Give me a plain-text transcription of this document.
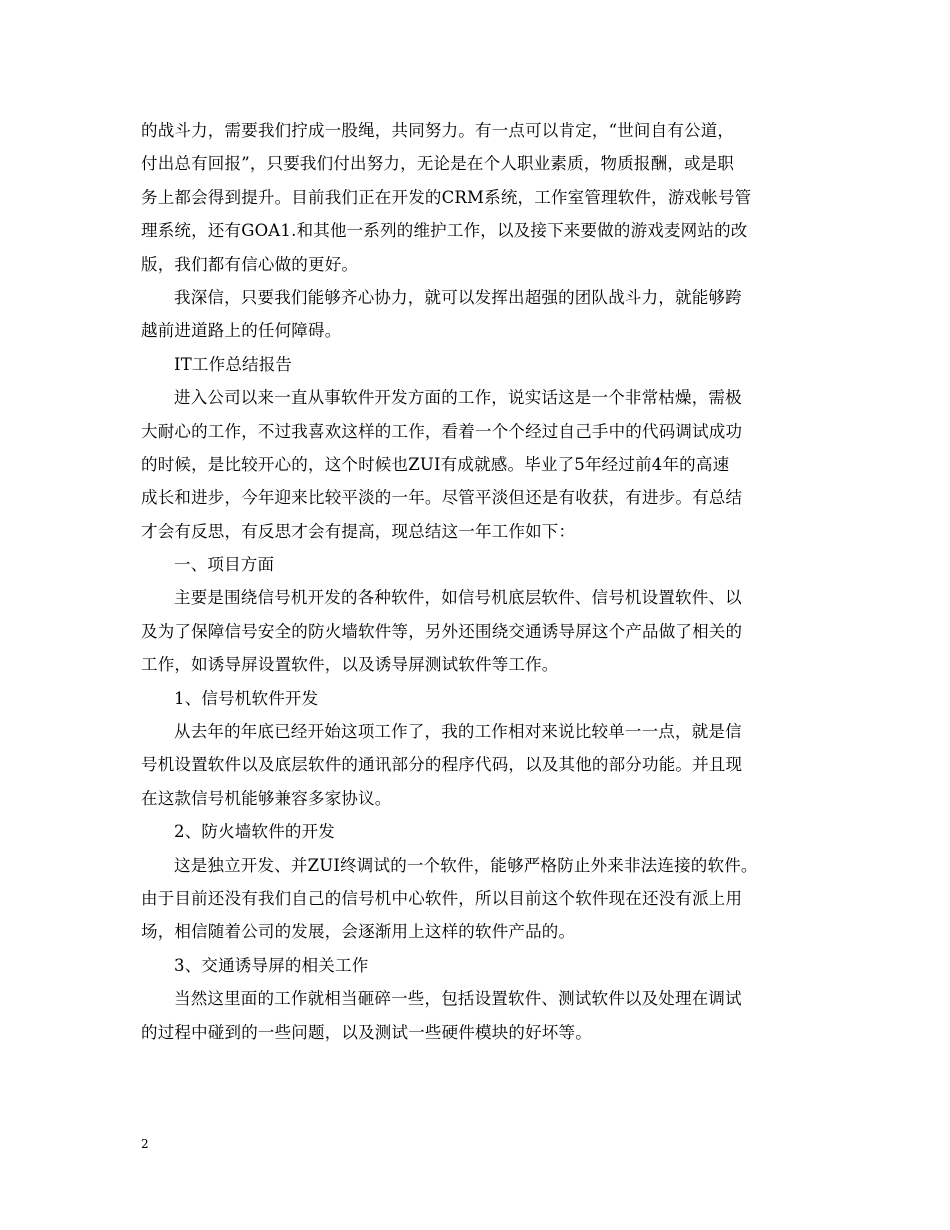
的战斗力，需要我们拧成一股绳，共同努力。有一点可以肯定，“世间自有公道，
付出总有回报”，只要我们付出努力，无论是在个人职业素质，物质报酬，或是职
务上都会得到提升。目前我们正在开发的CRM系统，工作室管理软件，游戏帐号管
理系统，还有GOA1.和其他一系列的维护工作，以及接下来要做的游戏麦网站的改
版，我们都有信心做的更好。
我深信，只要我们能够齐心协力，就可以发挥出超强的团队战斗力，就能够跨
越前进道路上的任何障碍。
IT工作总结报告
进入公司以来一直从事软件开发方面的工作，说实话这是一个非常枯燥，需极
大耐心的工作，不过我喜欢这样的工作，看着一个个经过自己手中的代码调试成功
的时候，是比较开心的，这个时候也ZUI有成就感。毕业了5年经过前4年的高速
成长和进步，今年迎来比较平淡的一年。尽管平淡但还是有收获，有进步。有总结
才会有反思，有反思才会有提高，现总结这一年工作如下：
一、项目方面
主要是围绕信号机开发的各种软件，如信号机底层软件、信号机设置软件、以
及为了保障信号安全的防火墙软件等，另外还围绕交通诱导屏这个产品做了相关的
工作，如诱导屏设置软件，以及诱导屏测试软件等工作。
1、信号机软件开发
从去年的年底已经开始这项工作了，我的工作相对来说比较单一一点，就是信
号机设置软件以及底层软件的通讯部分的程序代码，以及其他的部分功能。并且现
在这款信号机能够兼容多家协议。
2、防火墙软件的开发
这是独立开发、并ZUI终调试的一个软件，能够严格防止外来非法连接的软件。
由于目前还没有我们自己的信号机中心软件，所以目前这个软件现在还没有派上用
场，相信随着公司的发展，会逐渐用上这样的软件产品的。
3、交通诱导屏的相关工作
当然这里面的工作就相当砸碎一些，包括设置软件、测试软件以及处理在调试
的过程中碰到的一些问题，以及测试一些硬件模块的好坏等。
2
